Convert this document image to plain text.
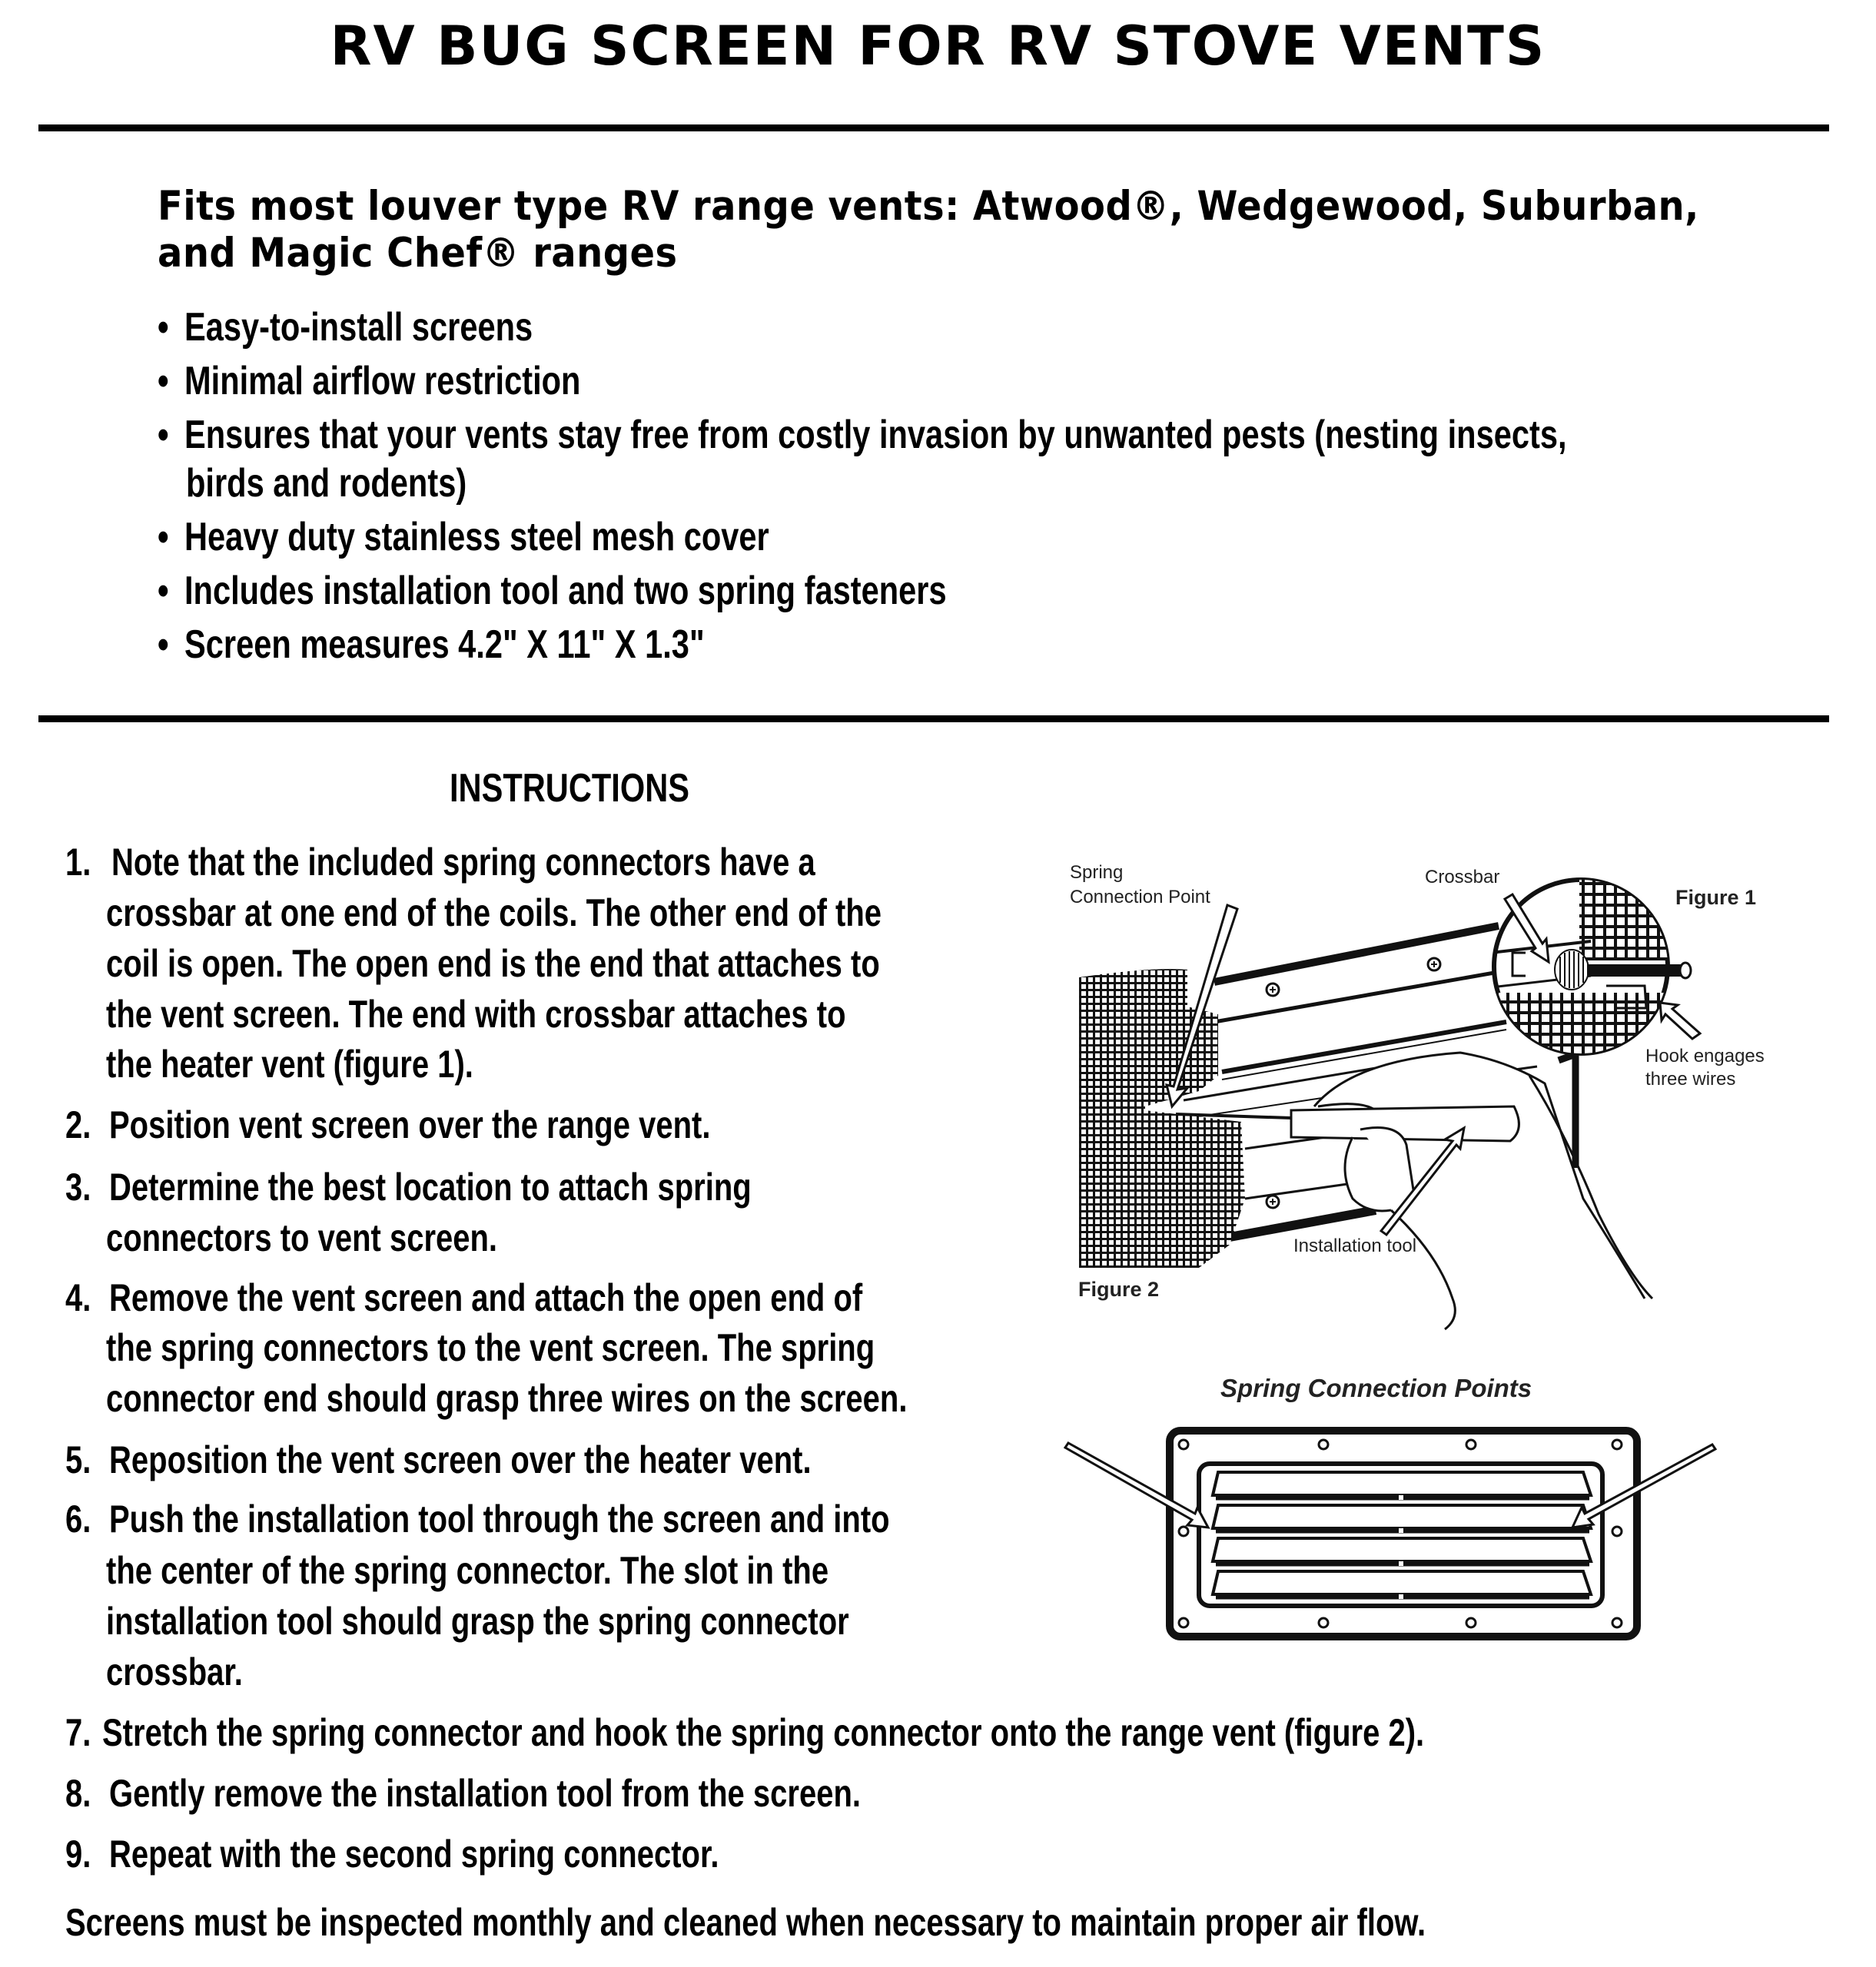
RV BUG SCREEN FOR RV STOVE VENTS
Fits most louver type RV range vents: Atwood®, Wedgewood, Suburban,
and Magic Chef® ranges
• Easy-to-install screens
• Minimal airflow restriction
• Ensures that your vents stay free from costly invasion by unwanted pests (nesting insects,
birds and rodents)
• Heavy duty stainless steel mesh cover
• Includes installation tool and two spring fasteners
• Screen measures 4.2" X 11" X 1.3"
INSTRUCTIONS
1. Note that the included spring connectors have a
crossbar at one end of the coils. The other end of the
coil is open. The open end is the end that attaches to
the vent screen. The end with crossbar attaches to
the heater vent (figure 1).
2. Position vent screen over the range vent.
3. Determine the best location to attach spring
connectors to vent screen.
4. Remove the vent screen and attach the open end of
the spring connectors to the vent screen. The spring
connector end should grasp three wires on the screen.
5. Reposition the vent screen over the heater vent.
6. Push the installation tool through the screen and into
the center of the spring connector. The slot in the
installation tool should grasp the spring connector
crossbar.
7. Stretch the spring connector and hook the spring connector onto the range vent (figure 2).
8. Gently remove the installation tool from the screen.
9. Repeat with the second spring connector.
Screens must be inspected monthly and cleaned when necessary to maintain proper air flow.
Spring
Connection Point
Crossbar
Figure 1
Hook engages
three wires
Installation tool
Figure 2
Spring Connection Points
